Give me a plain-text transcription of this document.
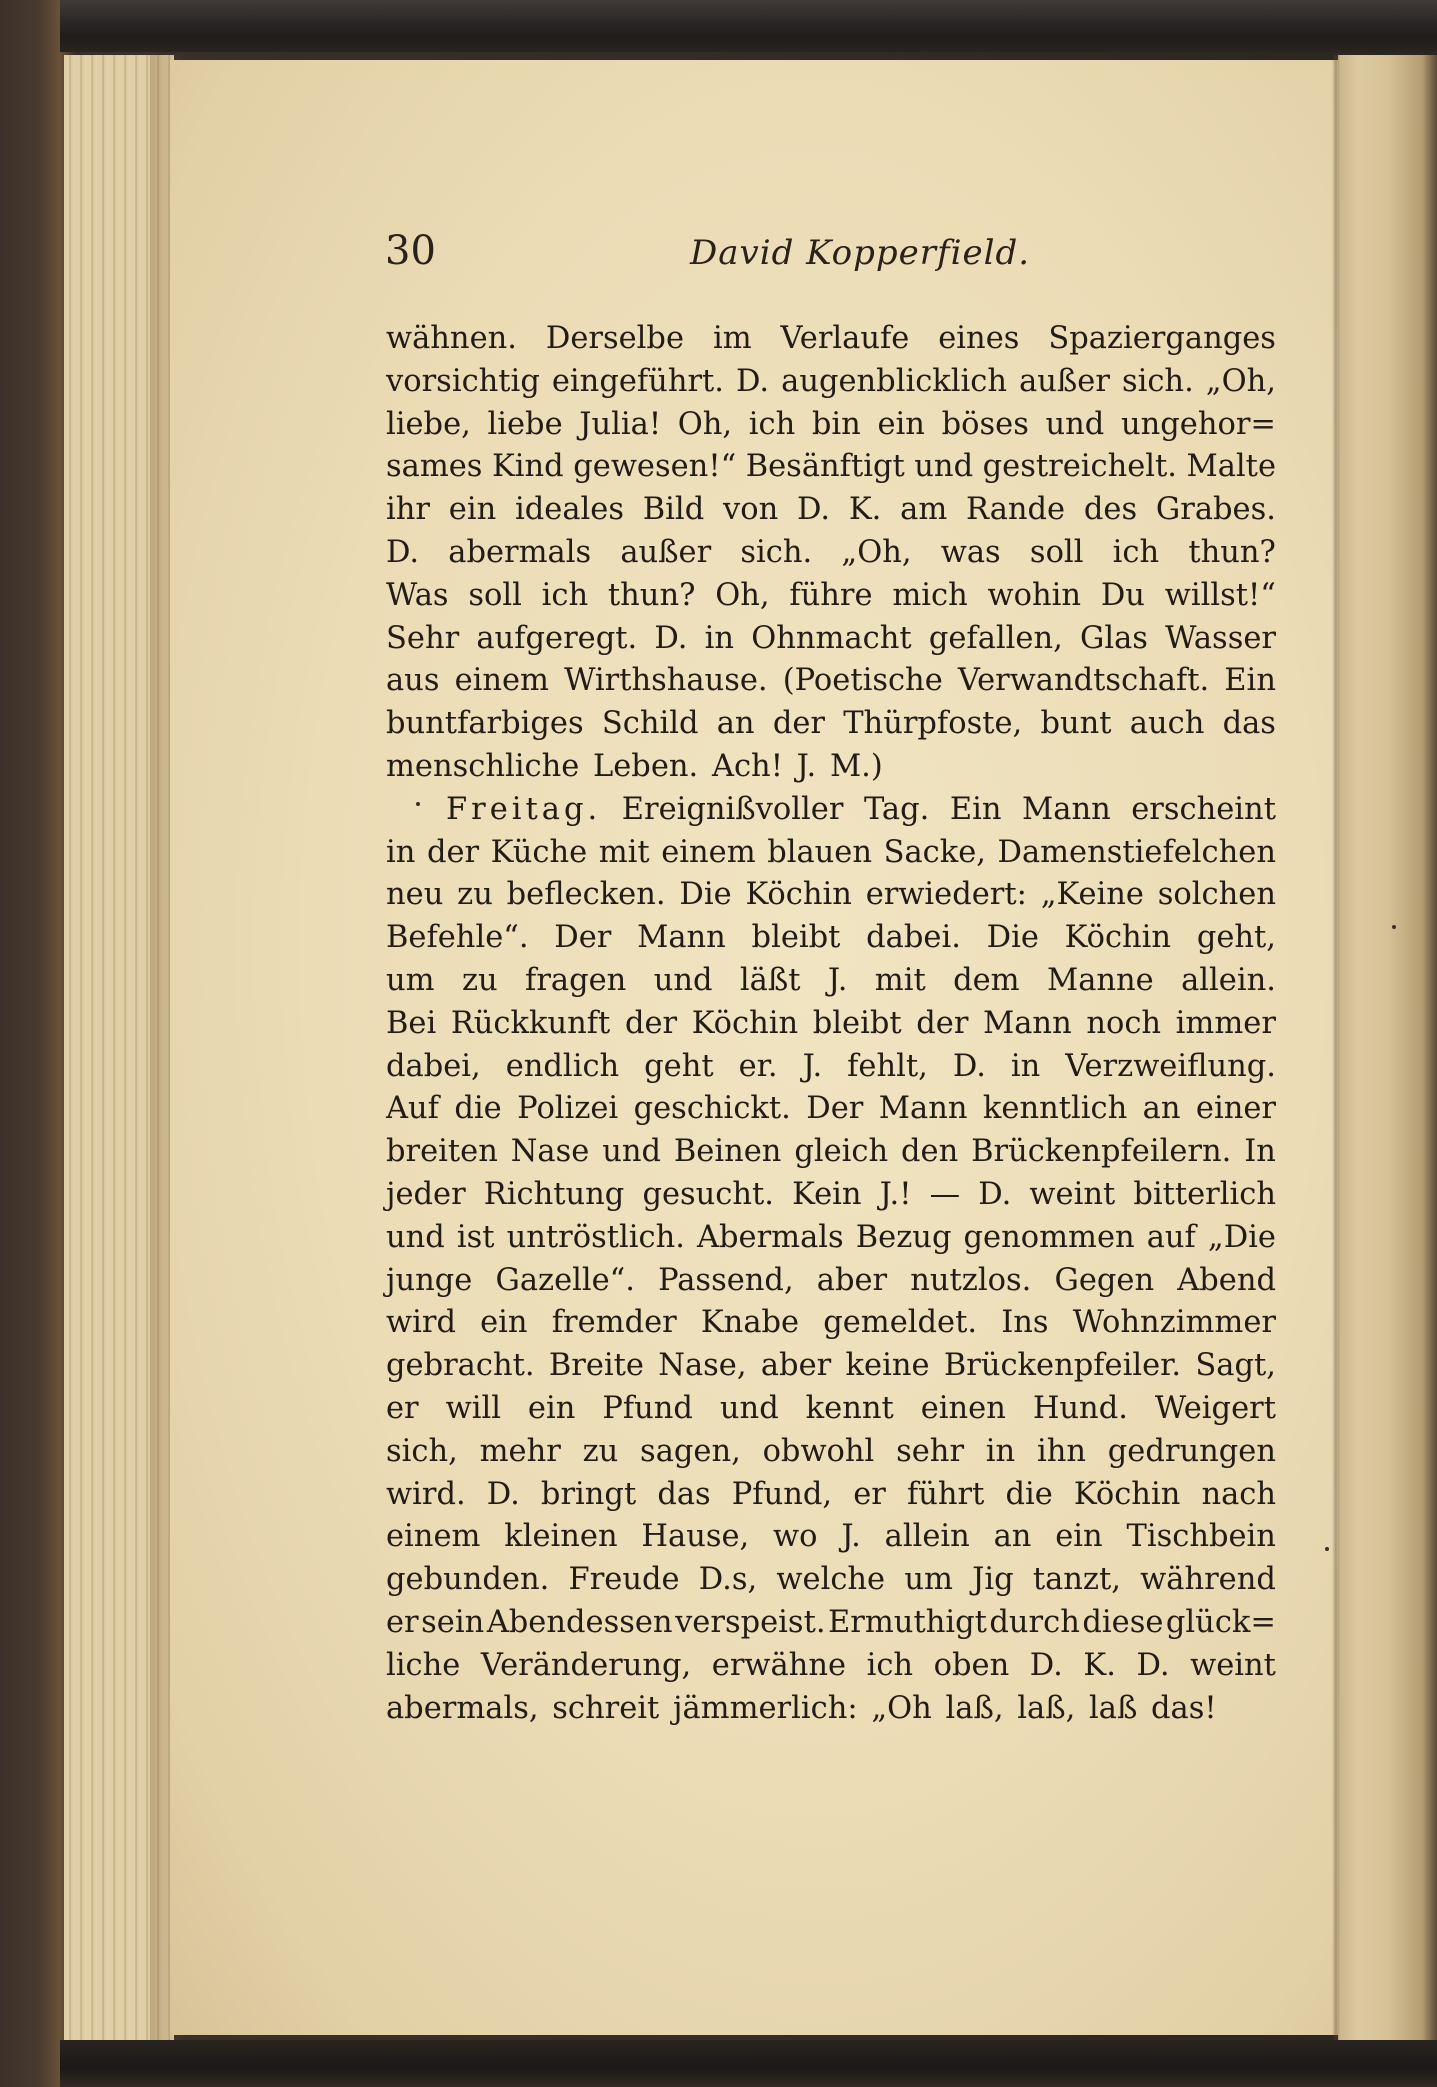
30	David Kopperfield.

wähnen. Derselbe im Verlaufe eines Spazierganges
vorsichtig eingeführt. D. augenblicklich außer sich. „Oh,
liebe, liebe Julia! Oh, ich bin ein böses und ungehor=
sames Kind gewesen!“ Besänftigt und gestreichelt. Malte
ihr ein ideales Bild von D. K. am Rande des Grabes.
D. abermals außer sich. „Oh, was soll ich thun?
Was soll ich thun? Oh, führe mich wohin Du willst!“
Sehr aufgeregt. D. in Ohnmacht gefallen, Glas Wasser
aus einem Wirthshause. (Poetische Verwandtschaft. Ein
buntfarbiges Schild an der Thürpfoste, bunt auch das
menschliche Leben. Ach! J. M.)
Freitag. Ereignißvoller Tag. Ein Mann erscheint
in der Küche mit einem blauen Sacke, Damenstiefelchen
neu zu beflecken. Die Köchin erwiedert: „Keine solchen
Befehle“. Der Mann bleibt dabei. Die Köchin geht,
um zu fragen und läßt J. mit dem Manne allein.
Bei Rückkunft der Köchin bleibt der Mann noch immer
dabei, endlich geht er. J. fehlt, D. in Verzweiflung.
Auf die Polizei geschickt. Der Mann kenntlich an einer
breiten Nase und Beinen gleich den Brückenpfeilern. In
jeder Richtung gesucht. Kein J.! — D. weint bitterlich
und ist untröstlich. Abermals Bezug genommen auf „Die
junge Gazelle“. Passend, aber nutzlos. Gegen Abend
wird ein fremder Knabe gemeldet. Ins Wohnzimmer
gebracht. Breite Nase, aber keine Brückenpfeiler. Sagt,
er will ein Pfund und kennt einen Hund. Weigert
sich, mehr zu sagen, obwohl sehr in ihn gedrungen
wird. D. bringt das Pfund, er führt die Köchin nach
einem kleinen Hause, wo J. allein an ein Tischbein
gebunden. Freude D.s, welche um Jig tanzt, während
er sein Abendessen verspeist. Ermuthigt durch diese glück=
liche Veränderung, erwähne ich oben D. K. D. weint
abermals, schreit jämmerlich: „Oh laß, laß, laß das!
